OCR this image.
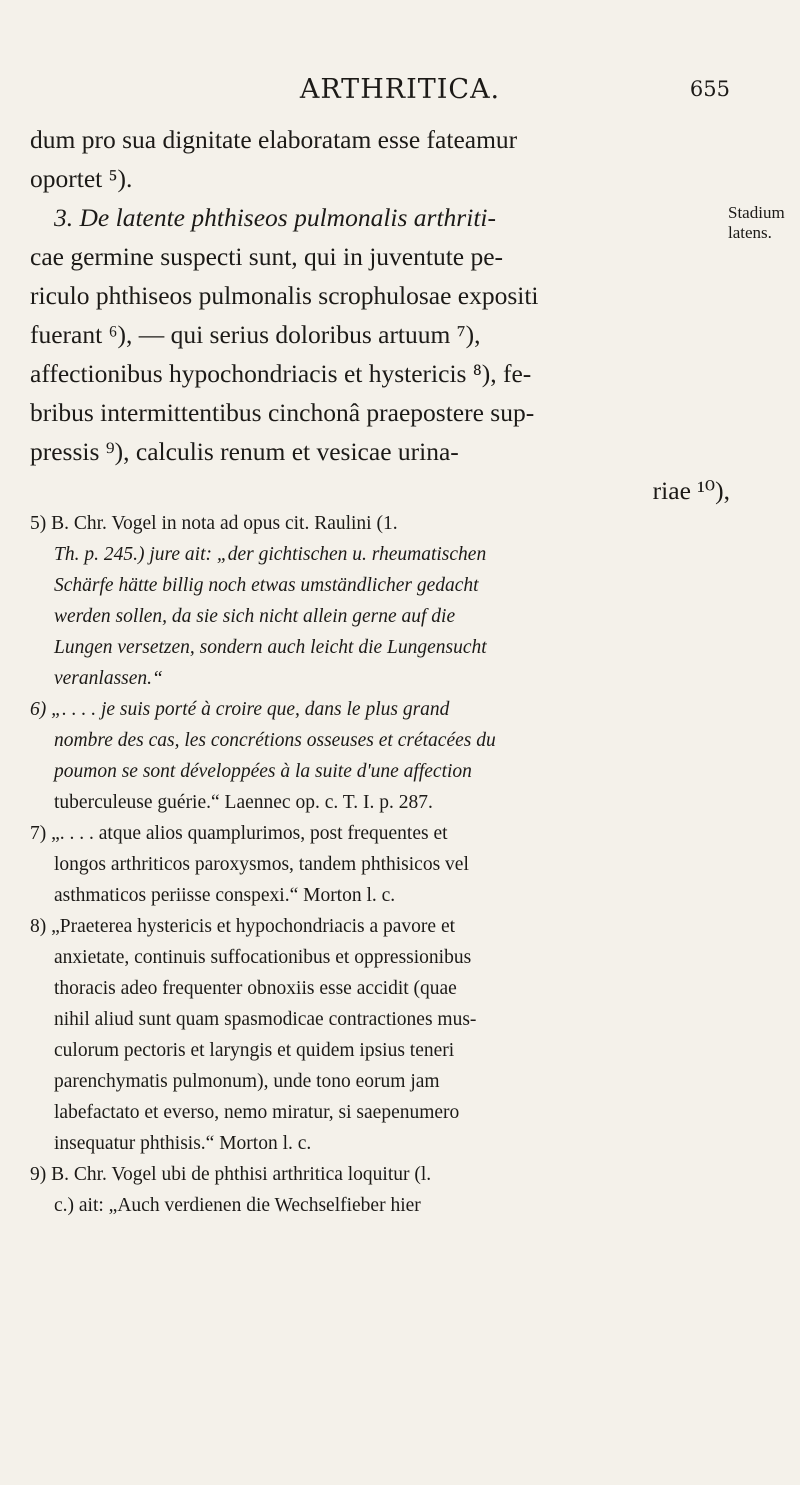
ARTHRITICA.	655
Stadium
latens.
dum pro sua dignitate elaboratam esse fateamur
oportet ⁵).
3. De latente phthiseos pulmonalis arthriti-
cae germine suspecti sunt, qui in juventute pe-
riculo phthiseos pulmonalis scrophulosae expositi
fuerant ⁶), — qui serius doloribus artuum ⁷),
affectionibus hypochondriacis et hystericis ⁸), fe-
bribus intermittentibus cinchonâ praepostere sup-
pressis ⁹), calculis renum et vesicae urina-
riae ¹⁰),
5) B. Chr. Vogel in nota ad opus cit. Raulini (1.
Th. p. 245.) jure ait: „der gichtischen u. rheumatischen
Schärfe hätte billig noch etwas umständlicher gedacht
werden sollen, da sie sich nicht allein gerne auf die
Lungen versetzen, sondern auch leicht die Lungensucht
veranlassen.“
6) „. . . . je suis porté à croire que, dans le plus grand
nombre des cas, les concrétions osseuses et crétacées du
poumon se sont développées à la suite d'une affection
tuberculeuse guérie.“ Laennec op. c. T. I. p. 287.
7) „. . . . atque alios quamplurimos, post frequentes et
longos arthriticos paroxysmos, tandem phthisicos vel
asthmaticos periisse conspexi.“ Morton l. c.
8) „Praeterea hystericis et hypochondriacis a pavore et
anxietate, continuis suffocationibus et oppressionibus
thoracis adeo frequenter obnoxiis esse accidit (quae
nihil aliud sunt quam spasmodicae contractiones mus-
culorum pectoris et laryngis et quidem ipsius teneri
parenchymatis pulmonum), unde tono eorum jam
labefactato et everso, nemo miratur, si saepenumero
insequatur phthisis.“ Morton l. c.
9) B. Chr. Vogel ubi de phthisi arthritica loquitur (l.
c.) ait: „Auch verdienen die Wechselfieber hier
